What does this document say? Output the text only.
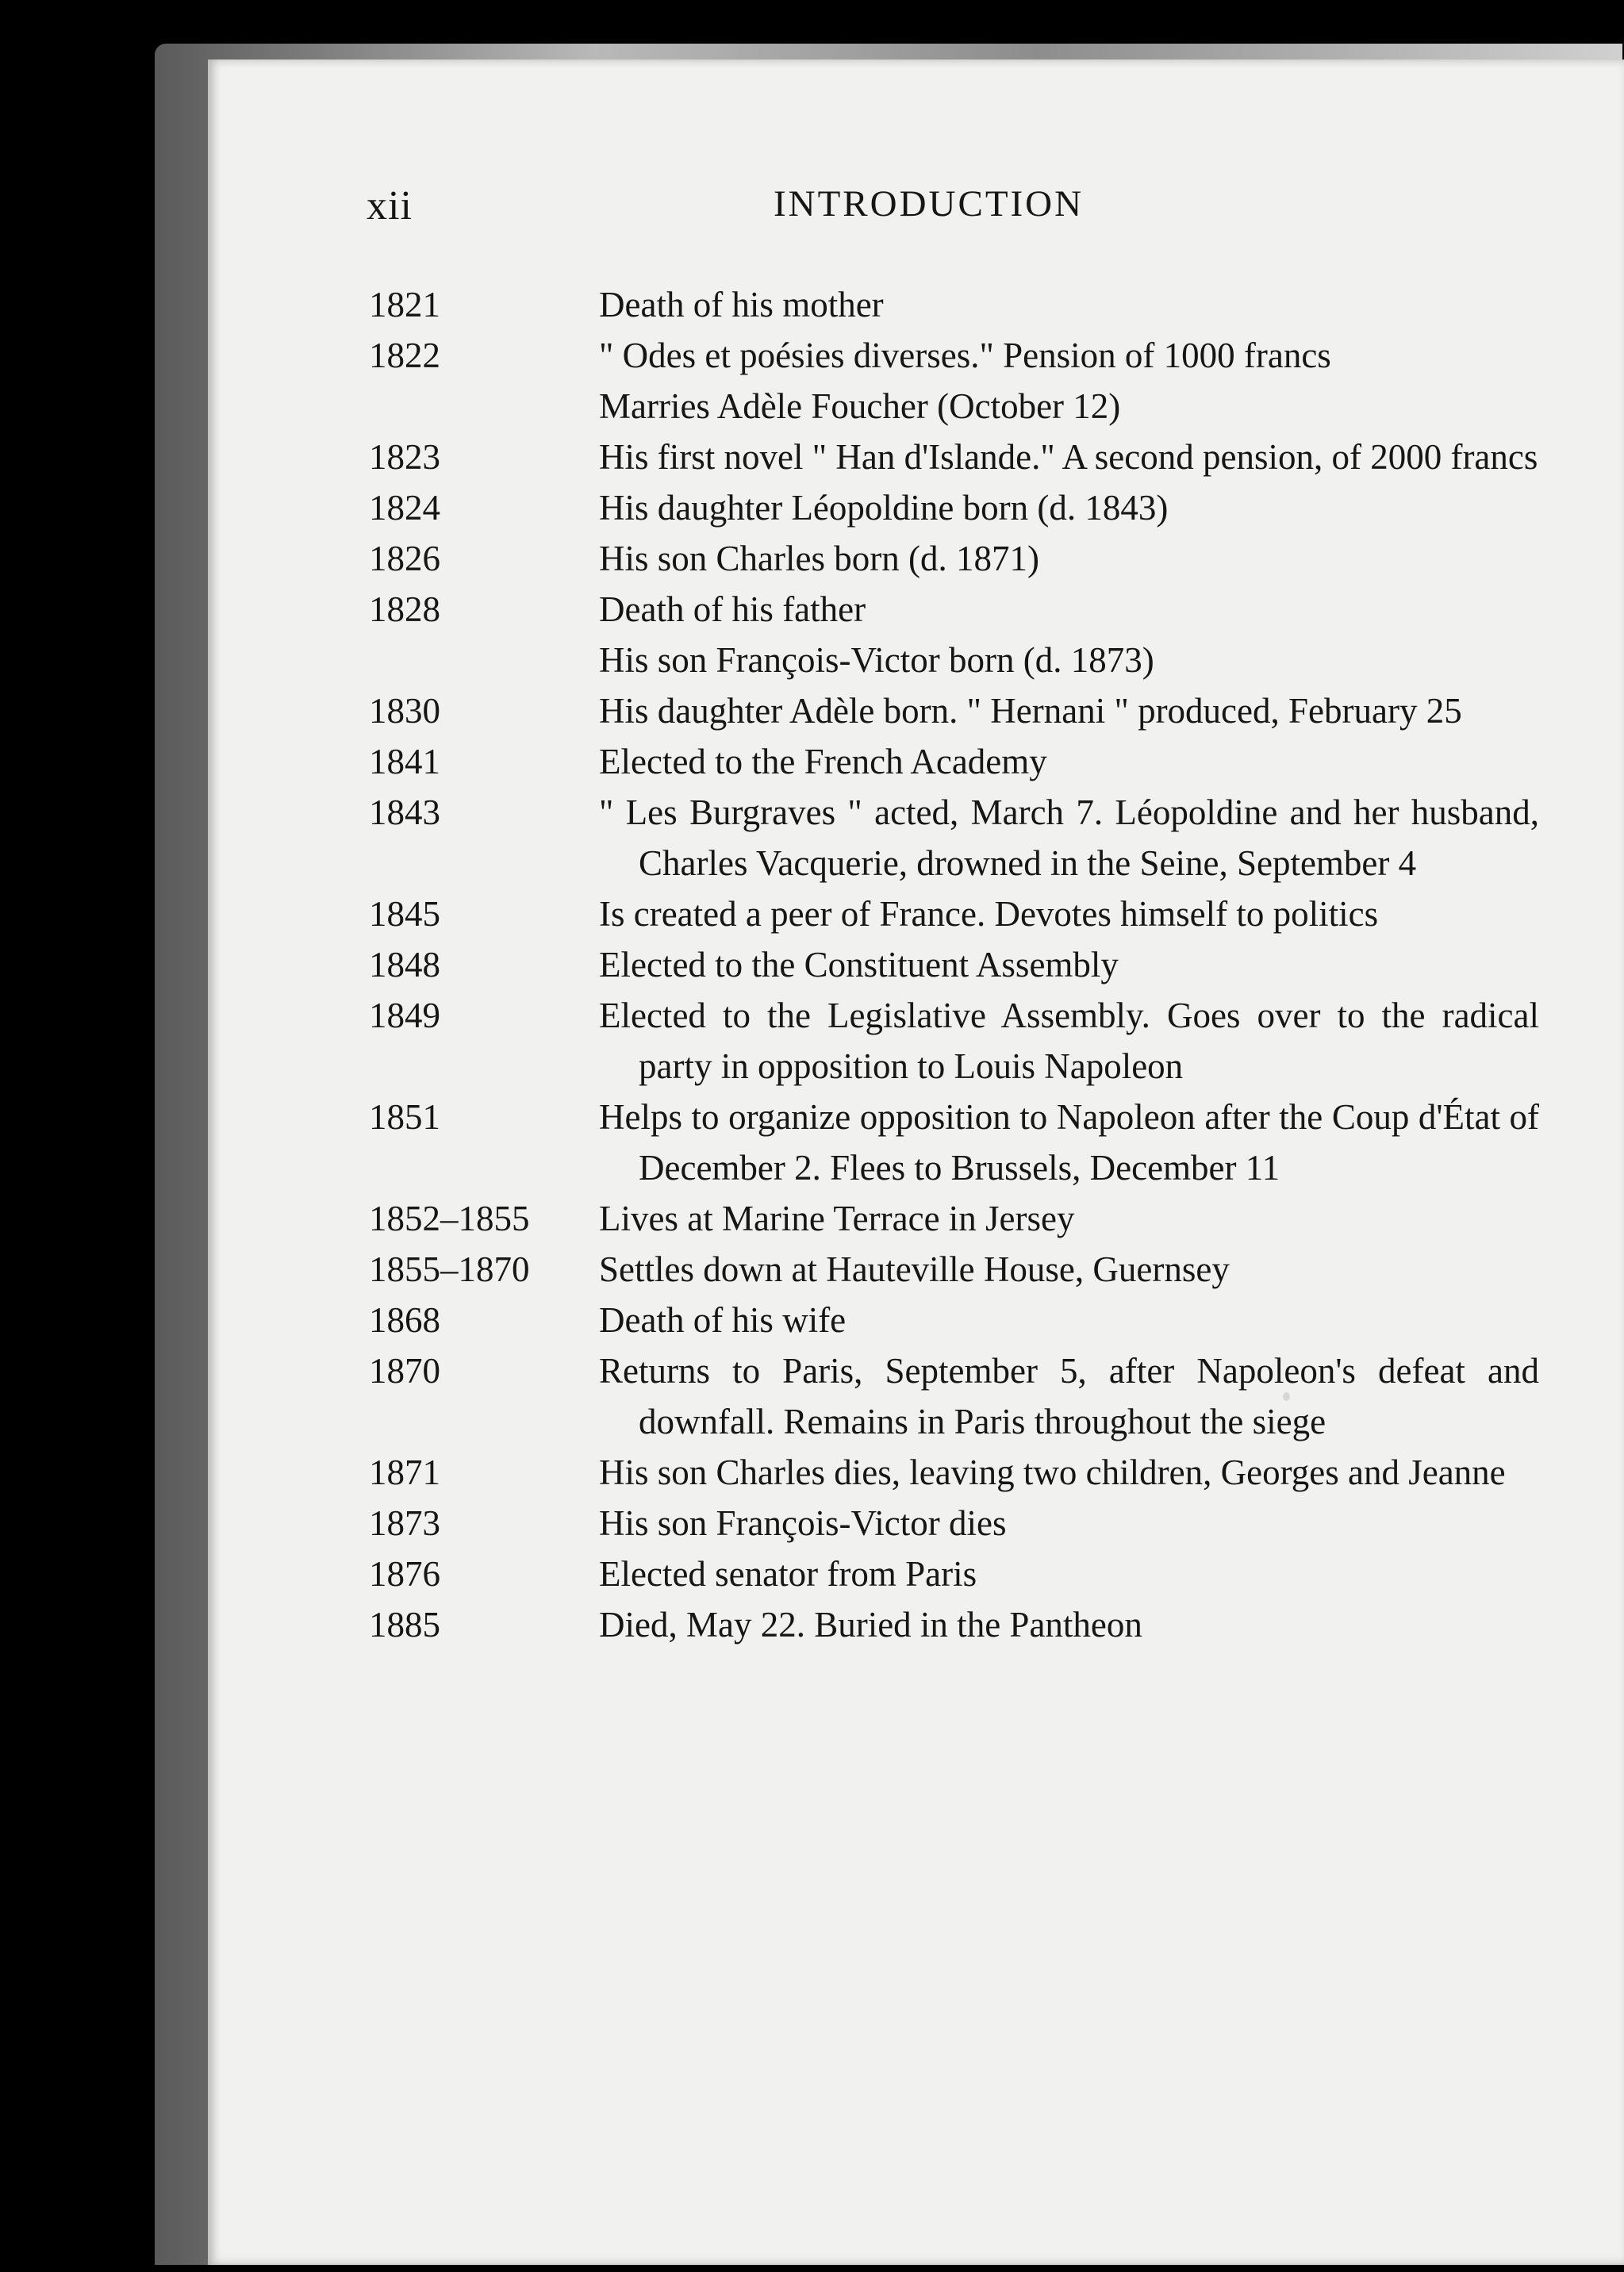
xii	INTRODUCTION
1821	Death of his mother
1822	" Odes et poésies diverses." Pension of 1000 francs
Marries Adèle Foucher (October 12)
1823	His first novel " Han d'Islande." A second pension, of 2000 francs
1824	His daughter Léopoldine born (d. 1843)
1826	His son Charles born (d. 1871)
1828	Death of his father
His son François-Victor born (d. 1873)
1830	His daughter Adèle born. " Hernani " produced, February 25
1841	Elected to the French Academy
1843	" Les Burgraves " acted, March 7. Léopoldine and her husband, Charles Vacquerie, drowned in the Seine, September 4
1845	Is created a peer of France. Devotes himself to politics
1848	Elected to the Constituent Assembly
1849	Elected to the Legislative Assembly. Goes over to the radical party in opposition to Louis Napoleon
1851	Helps to organize opposition to Napoleon after the Coup d'État of December 2. Flees to Brussels, December 11
1852–1855	Lives at Marine Terrace in Jersey
1855–1870	Settles down at Hauteville House, Guernsey
1868	Death of his wife
1870	Returns to Paris, September 5, after Napoleon's defeat and downfall. Remains in Paris throughout the siege
1871	His son Charles dies, leaving two children, Georges and Jeanne
1873	His son François-Victor dies
1876	Elected senator from Paris
1885	Died, May 22. Buried in the Pantheon
